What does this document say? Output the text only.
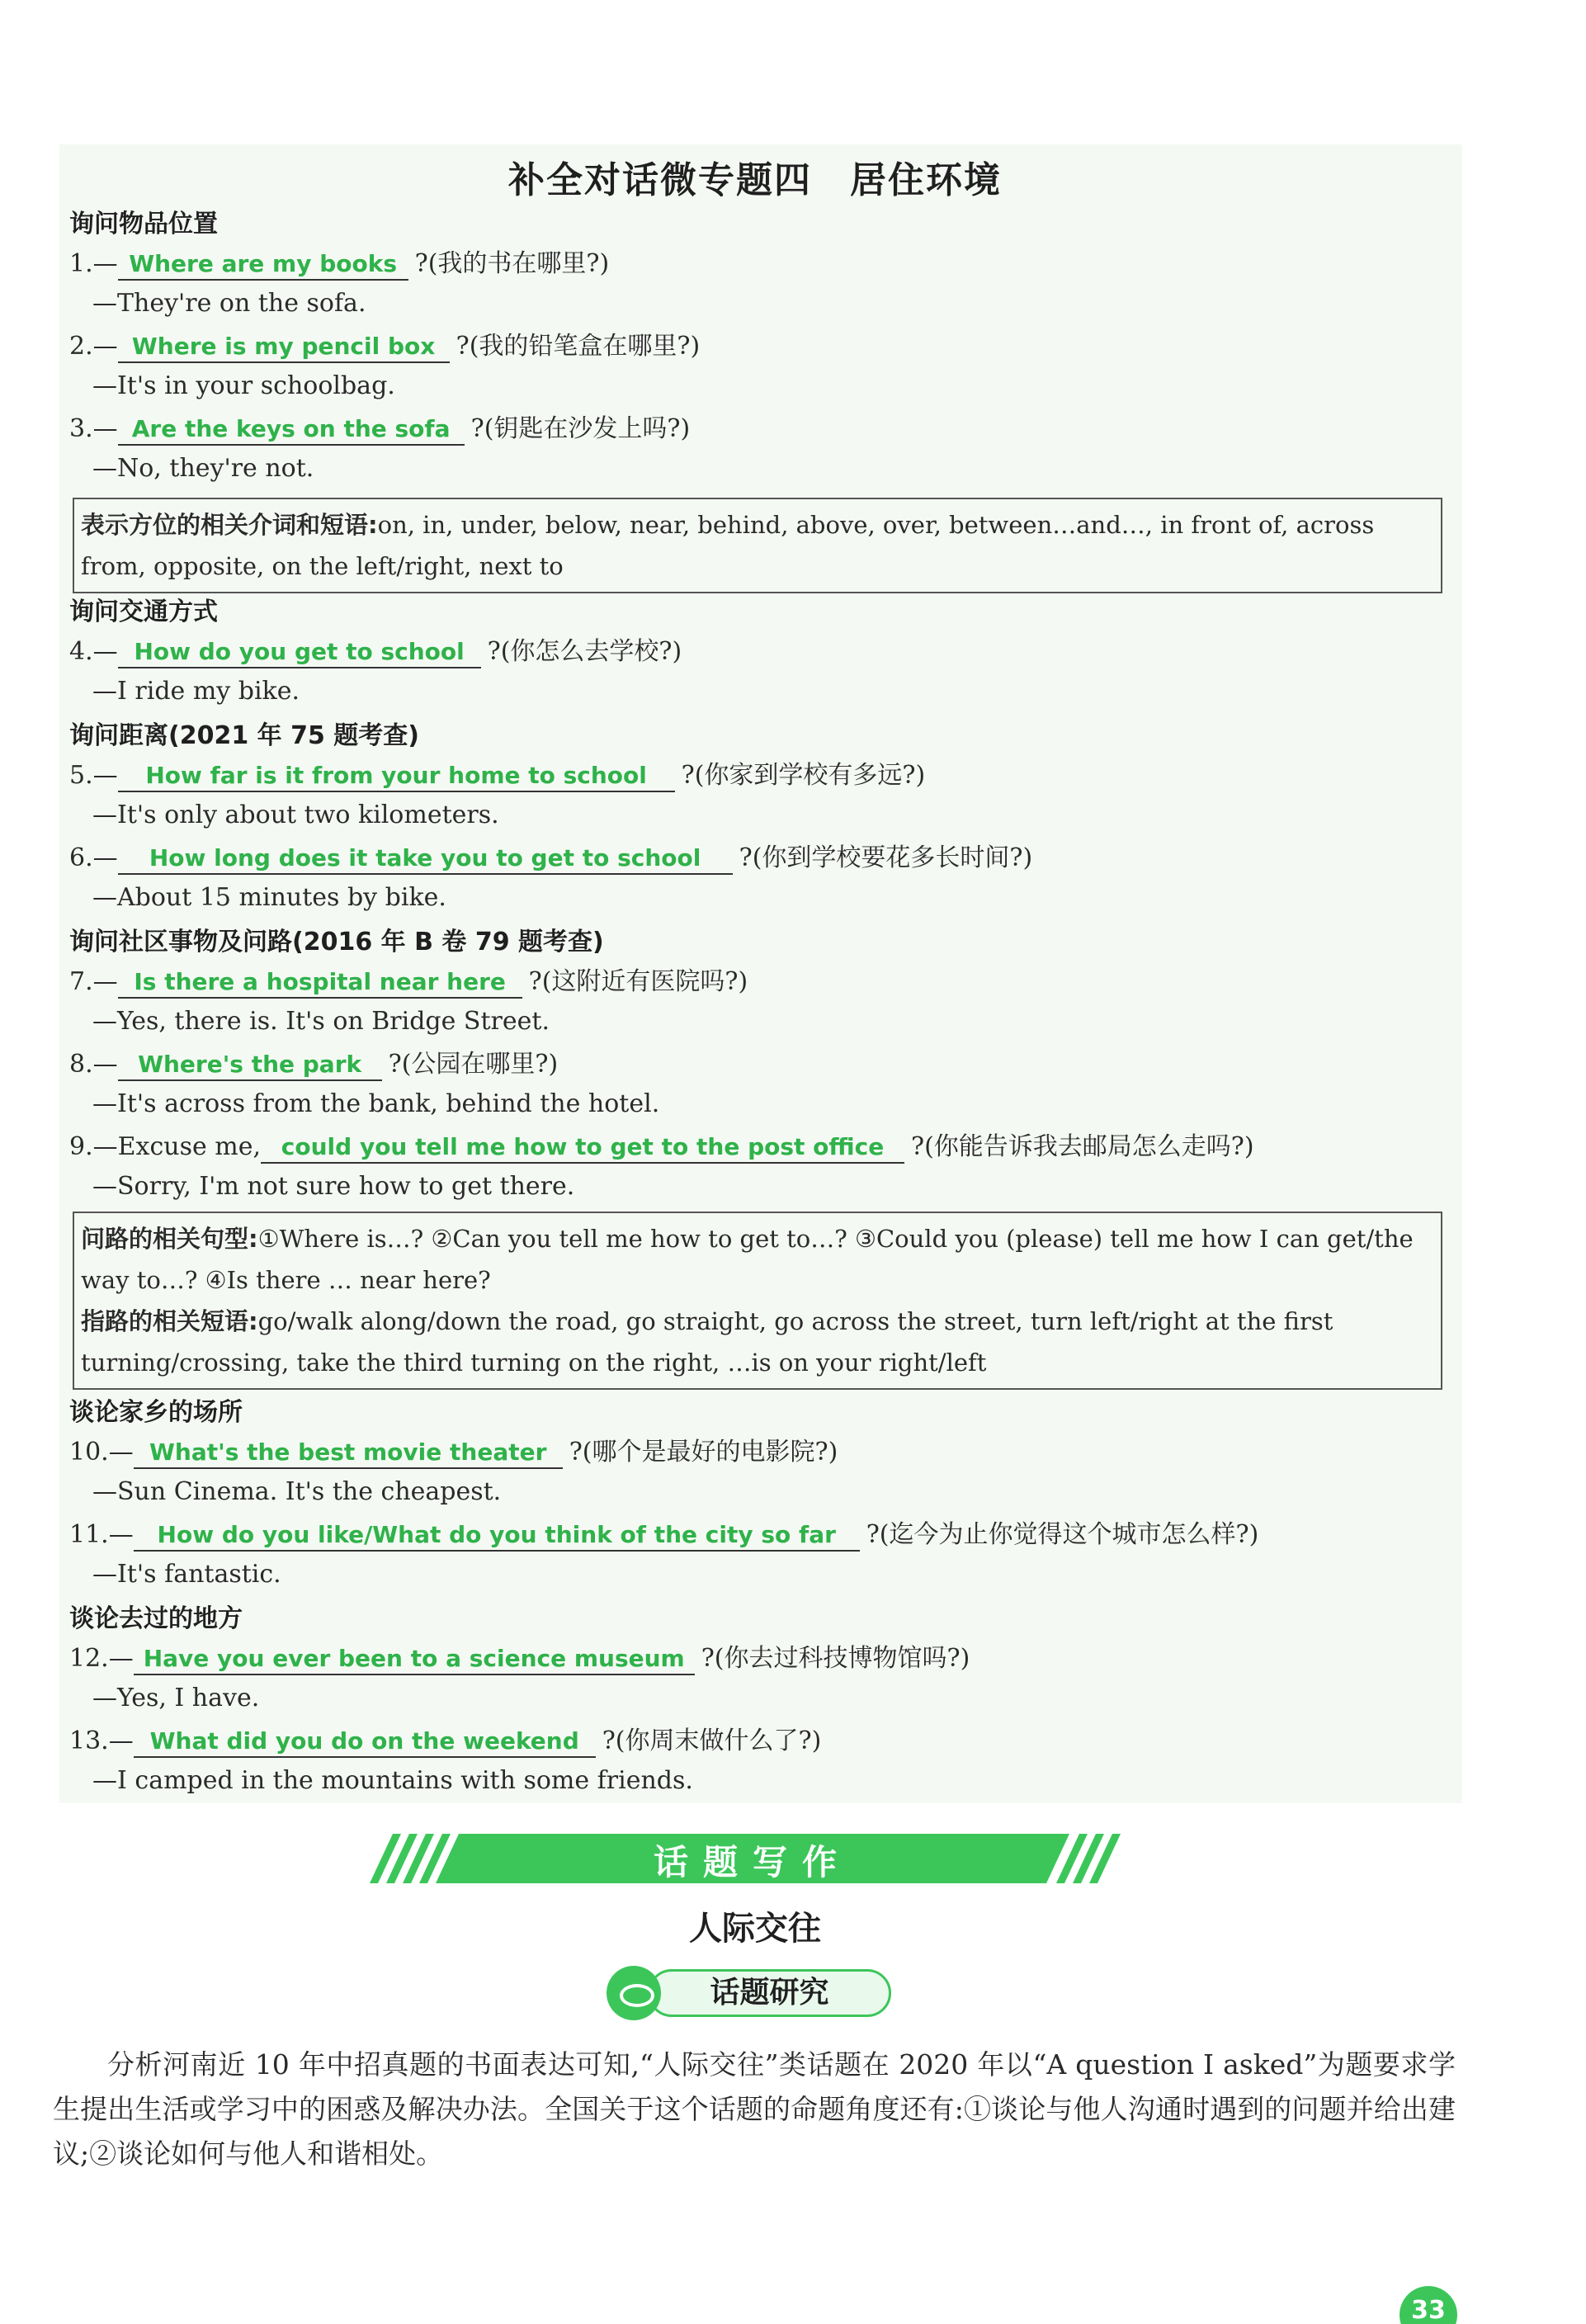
补全对话微专题四　居住环境
询问物品位置
1.— Where are my books ?(我的书在哪里?)
—They're on the sofa.
2.— Where is my pencil box ?(我的铅笔盒在哪里?)
—It's in your schoolbag.
3.— Are the keys on the sofa ?(钥匙在沙发上吗?)
—No, they're not.
表示方位的相关介词和短语:on, in, under, below, near, behind, above, over, between…and…, in front of, across from, opposite, on the left/right, next to
询问交通方式
4.— How do you get to school ?(你怎么去学校?)
—I ride my bike.
询问距离(2021 年 75 题考查)
5.—	How far is it from your home to school	?(你家到学校有多远?)
—It's only about two kilometers.
6.—	How long does it take you to get to school	?(你到学校要花多长时间?)
—About 15 minutes by bike.
询问社区事物及问路(2016 年 B 卷 79 题考查)
7.— Is there a hospital near here ?(这附近有医院吗?)
—Yes, there is. It's on Bridge Street.
8.— Where's the park	?(公园在哪里?)
—It's across from the bank, behind the hotel.
9.—Excuse me, could you tell me how to get to the post office	?(你能告诉我去邮局怎么走吗?)
—Sorry, I'm not sure how to get there.
问路的相关句型:①Where is…? ②Can you tell me how to get to…? ③Could you (please) tell me how I can get/the way to…? ④Is there … near here?
指路的相关短语:go/walk along/down the road, go straight, go across the street, turn left/right at the first turning/crossing, take the third turning on the right, …is on your right/left
谈论家乡的场所
10.— What's the best movie theater ?(哪个是最好的电影院?)
—Sun Cinema. It's the cheapest.
11.—	How do you like/What do you think of the city so far	?(迄今为止你觉得这个城市怎么样?)
—It's fantastic.
谈论去过的地方
12.— Have you ever been to a science museum ?(你去过科技博物馆吗?)
—Yes, I have.
13.— What did you do on the weekend ?(你周末做什么了?)
—I camped in the mountains with some friends.
话题写作
人际交往
话题研究
分析河南近 10 年中招真题的书面表达可知,“人际交往”类话题在 2020 年以“A question I asked”为题要求学生提出生活或学习中的困惑及解决办法。全国关于这个话题的命题角度还有:①谈论与他人沟通时遇到的问题并给出建议;②谈论如何与他人和谐相处。
33
